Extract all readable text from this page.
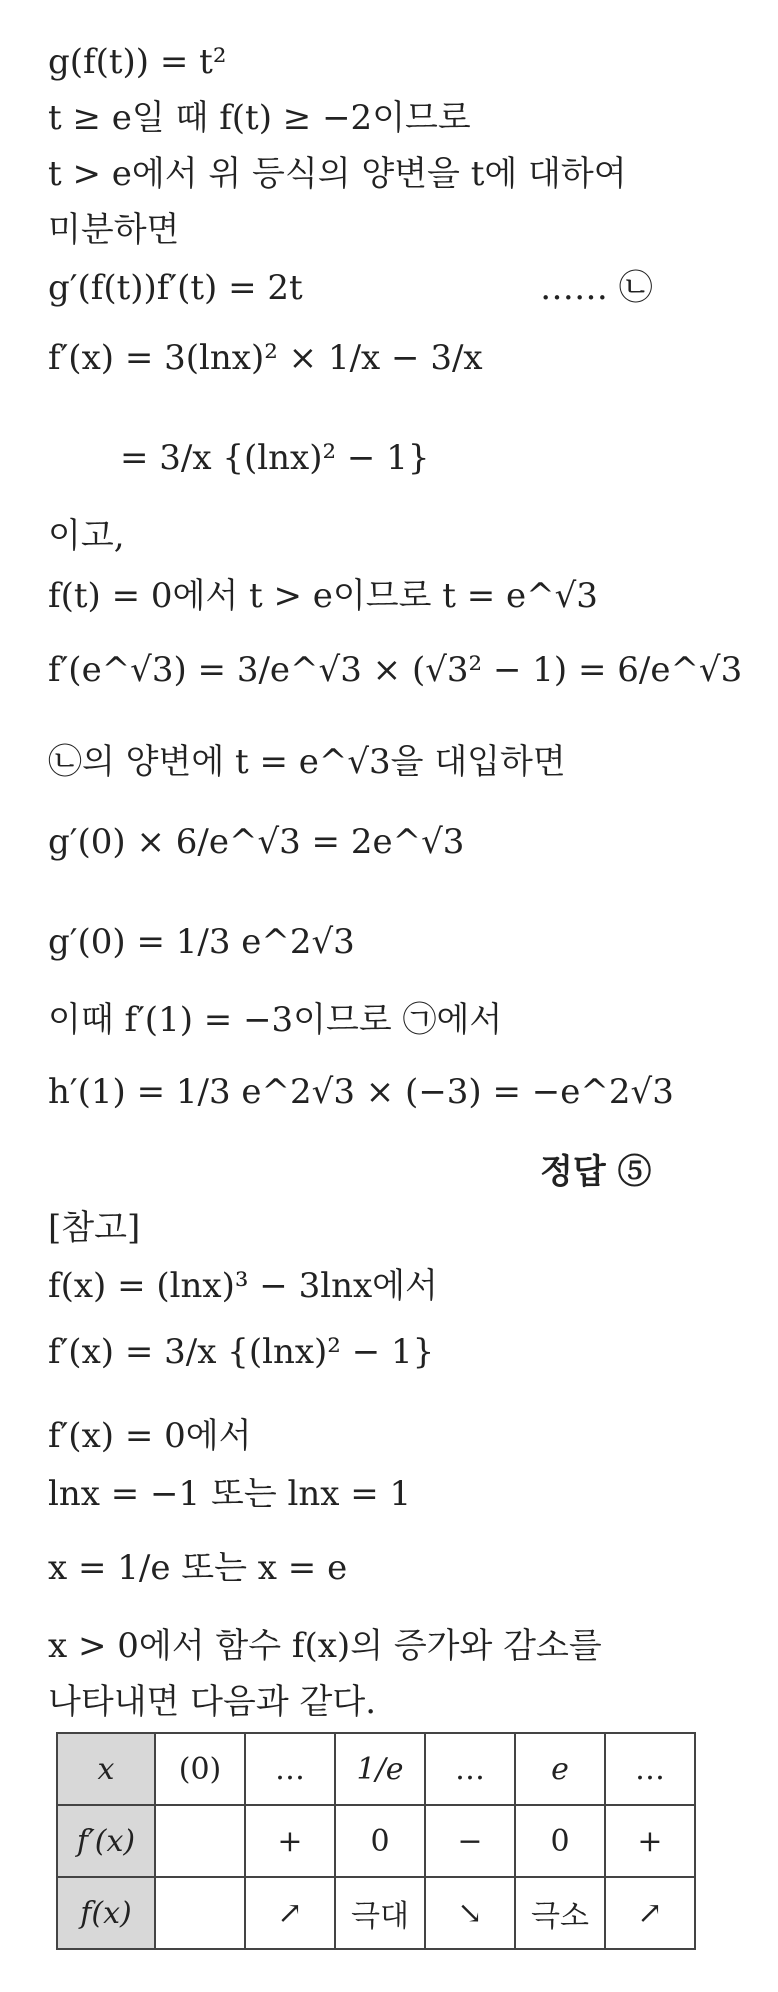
g(f(t)) = t²
t ≥ e일 때 f(t) ≥ −2이므로
t > e에서 위 등식의 양변을 t에 대하여
미분하면
g′(f(t))f′(t) = 2t	…… ㉡
f′(x) = 3(lnx)² × 1/x − 3/x
= 3/x {(lnx)² − 1}
이고,
f(t) = 0에서 t > e이므로 t = e^√3
f′(e^√3) = 3/e^√3 × (√3² − 1) = 6/e^√3
㉡의 양변에 t = e^√3을 대입하면
g′(0) × 6/e^√3 = 2e^√3
g′(0) = 1/3 e^2√3
이때 f′(1) = −3이므로 ㉠에서
h′(1) = 1/3 e^2√3 × (−3) = −e^2√3
정답 ⑤
[참고]
f(x) = (lnx)³ − 3lnx에서
f′(x) = 3/x {(lnx)² − 1}
f′(x) = 0에서
lnx = −1 또는 lnx = 1
x = 1/e 또는 x = e
x > 0에서 함수 f(x)의 증가와 감소를
나타내면 다음과 같다.
x	(0)	…	1/e	…	e	…
f′(x)		+	0	−	0	+
f(x)		↗	극대	↘	극소	↗
